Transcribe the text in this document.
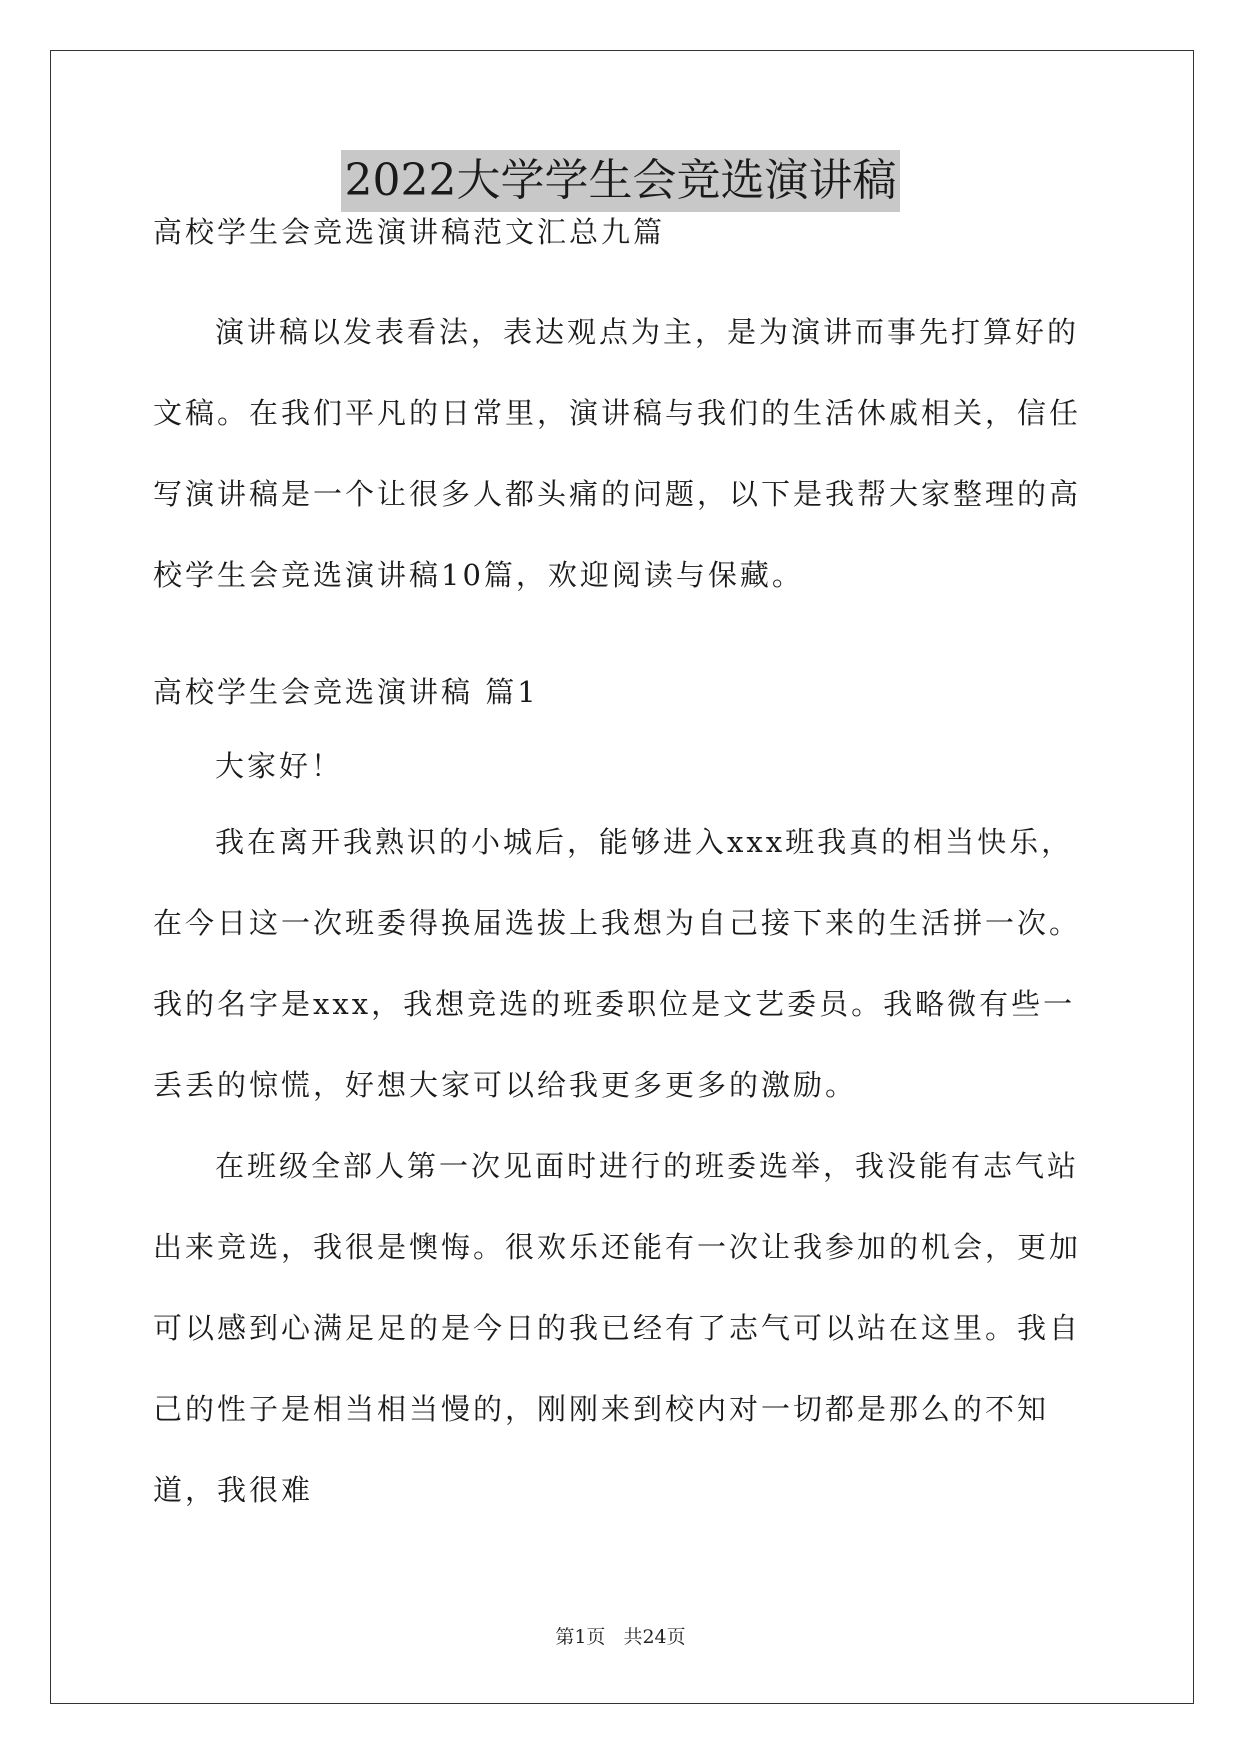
2022大学学生会竞选演讲稿

高校学生会竞选演讲稿范文汇总九篇

演讲稿以发表看法，表达观点为主，是为演讲而事先打算好的文稿。在我们平凡的日常里，演讲稿与我们的生活休戚相关，信任写演讲稿是一个让很多人都头痛的问题，以下是我帮大家整理的高校学生会竞选演讲稿10篇，欢迎阅读与保藏。

高校学生会竞选演讲稿 篇1

大家好！

我在离开我熟识的小城后，能够进入xxx班我真的相当快乐，在今日这一次班委得换届选拔上我想为自己接下来的生活拼一次。我的名字是xxx，我想竞选的班委职位是文艺委员。我略微有些一丢丢的惊慌，好想大家可以给我更多更多的激励。

在班级全部人第一次见面时进行的班委选举，我没能有志气站出来竞选，我很是懊悔。很欢乐还能有一次让我参加的机会，更加可以感到心满足足的是今日的我已经有了志气可以站在这里。我自己的性子是相当相当慢的，刚刚来到校内对一切都是那么的不知道，我很难

第1页 共24页
